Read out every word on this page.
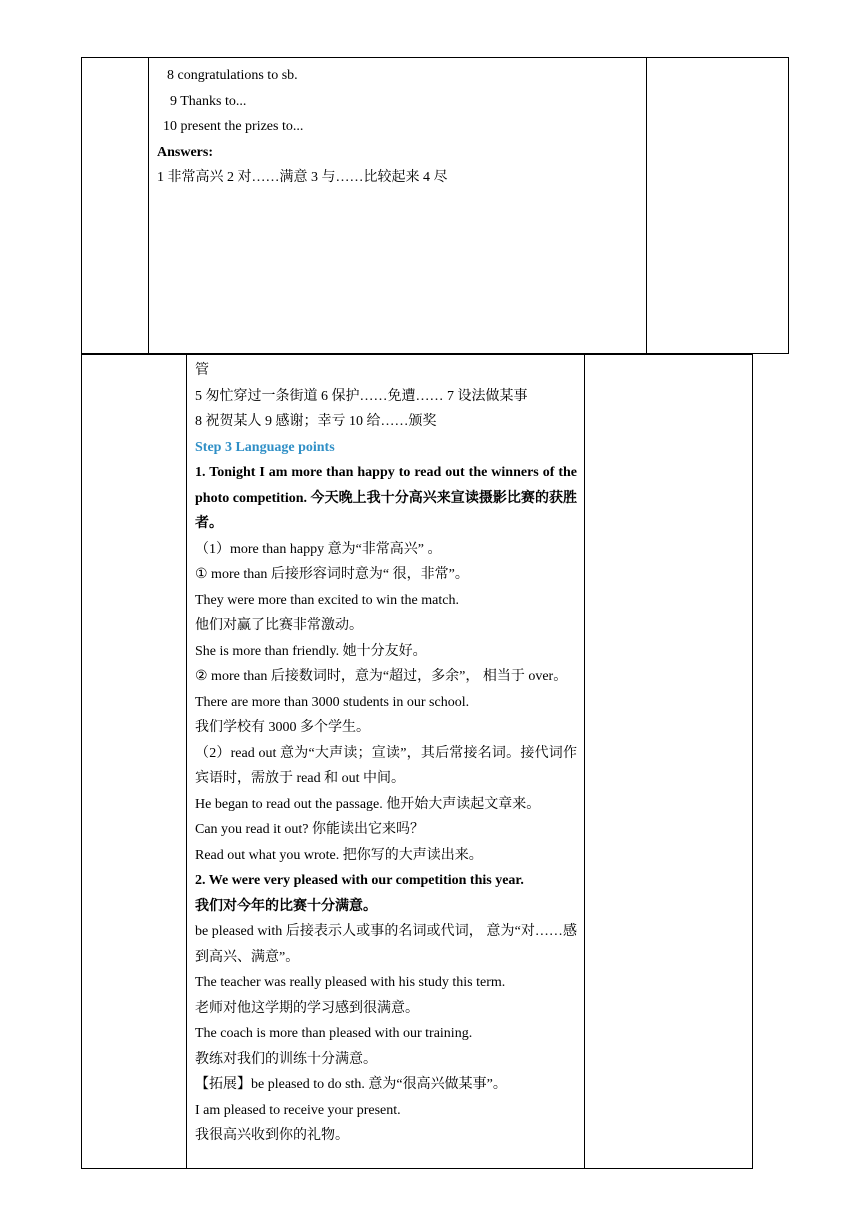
8 congratulations to sb.
9 Thanks to...
10 present the prizes to...
Answers:
1 非常高兴 2 对……满意 3 与……比较起来 4 尽
管
5 匆忙穿过一条街道 6 保护……免遭…… 7 设法做某事
8 祝贺某人 9 感谢；幸亏 10 给……颁奖
Step 3 Language points
1. Tonight I am more than happy to read out the winners of the photo competition. 今天晚上我十分高兴来宣读摄影比赛的获胜者。
（1）more than happy 意为“非常高兴” 。
① more than 后接形容词时意为“ 很，非常”。
They were more than excited to win the match.
他们对赢了比赛非常激动。
She is more than friendly. 她十分友好。
② more than 后接数词时，意为“超过，多余”， 相当于 over。
There are more than 3000 students in our school.
我们学校有 3000 多个学生。
（2）read out 意为“大声读；宣读”，其后常接名词。接代词作宾语时，需放于 read 和 out 中间。
He began to read out the passage. 他开始大声读起文章来。
Can you read it out? 你能读出它来吗？
Read out what you wrote. 把你写的大声读出来。
2. We were very pleased with our competition this year.
我们对今年的比赛十分满意。
be pleased with 后接表示人或事的名词或代词， 意为“对……感到高兴、满意”。
The teacher was really pleased with his study this term.
老师对他这学期的学习感到很满意。
The coach is more than pleased with our training.
教练对我们的训练十分满意。
【拓展】be pleased to do sth. 意为“很高兴做某事”。
I am pleased to receive your present.
我很高兴收到你的礼物。
